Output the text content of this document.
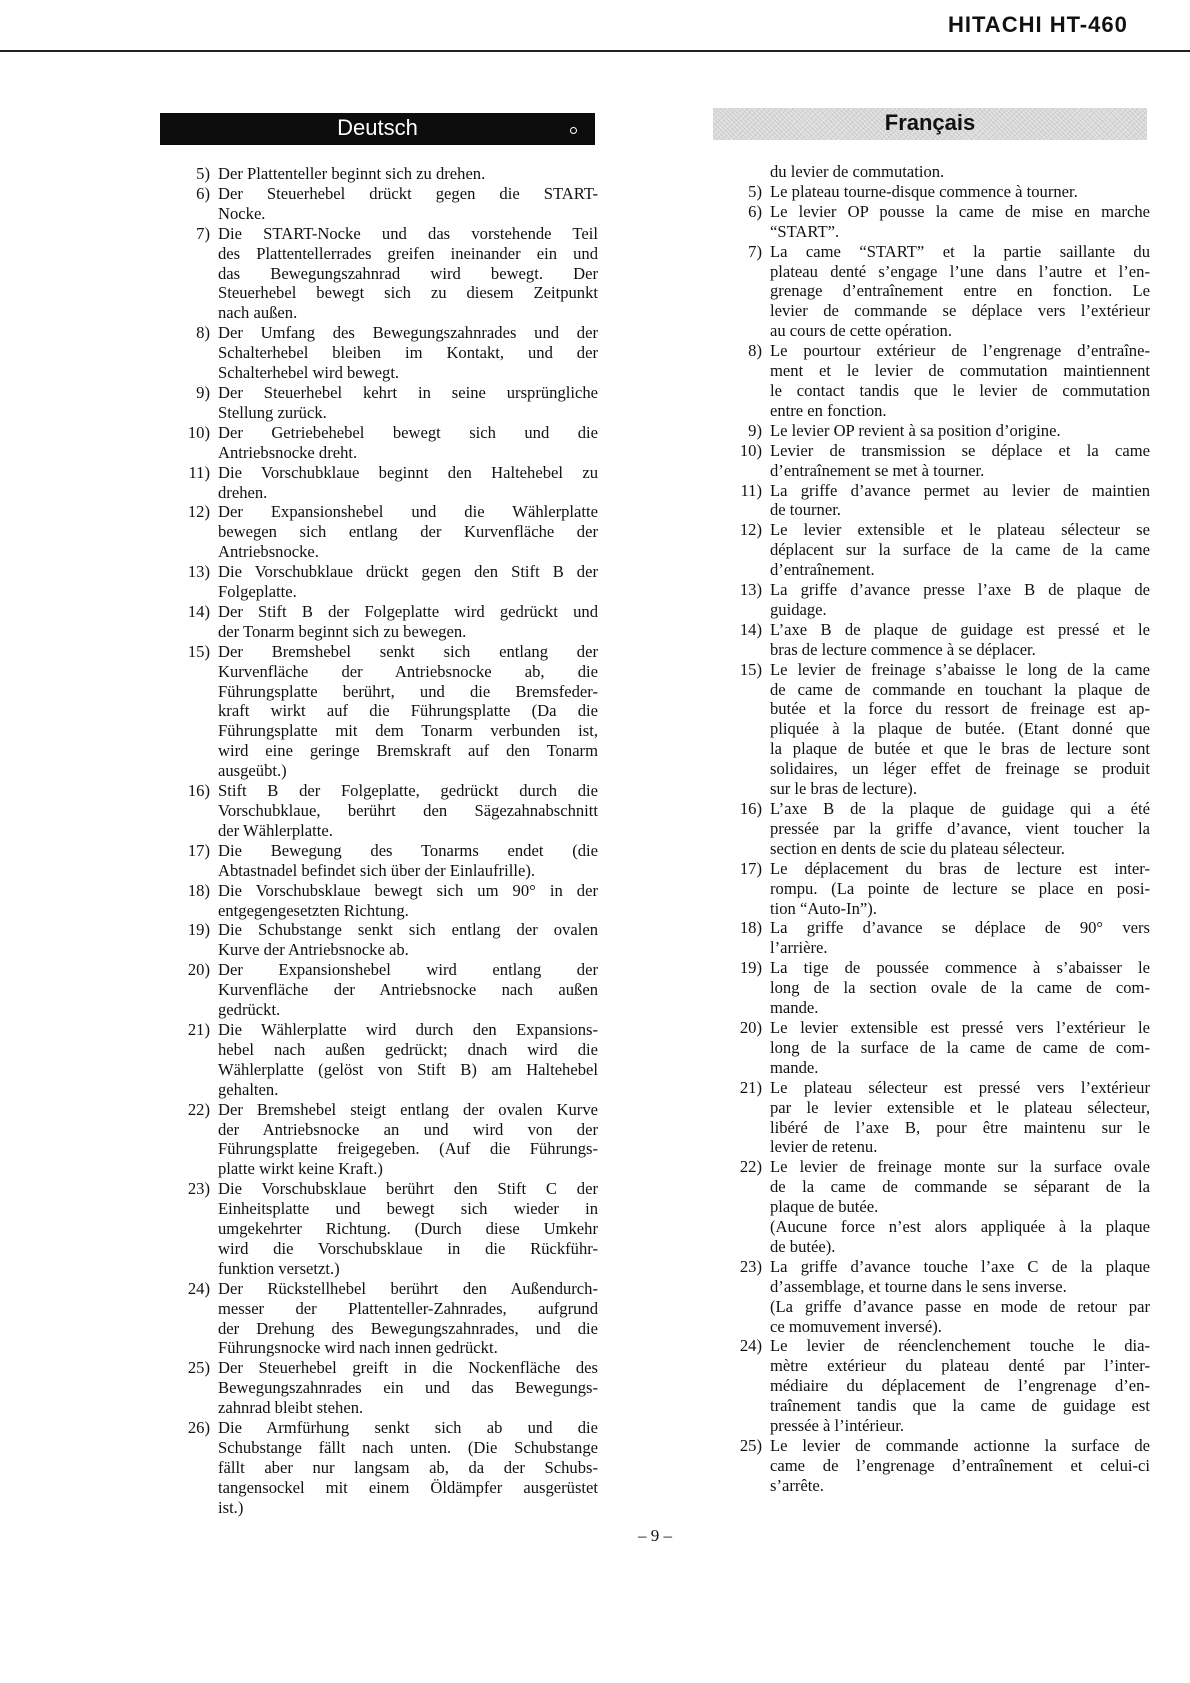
HITACHI HT-460
Deutsch	Français
5) Der Plattenteller beginnt sich zu drehen.
6) Der Steuerhebel drückt gegen die START-
Nocke.
7) Die START-Nocke und das vorstehende Teil
des Plattentellerrades greifen ineinander ein und
das Bewegungszahnrad wird bewegt. Der
Steuerhebel bewegt sich zu diesem Zeitpunkt
nach außen.
8) Der Umfang des Bewegungszahnrades und der
Schalterhebel bleiben im Kontakt, und der
Schalterhebel wird bewegt.
9) Der Steuerhebel kehrt in seine ursprüngliche
Stellung zurück.
10) Der Getriebehebel bewegt sich und die
Antriebsnocke dreht.
11) Die Vorschubklaue beginnt den Haltehebel zu
drehen.
12) Der Expansionshebel und die Wählerplatte
bewegen sich entlang der Kurvenfläche der
Antriebsnocke.
13) Die Vorschubklaue drückt gegen den Stift B der
Folgeplatte.
14) Der Stift B der Folgeplatte wird gedrückt und
der Tonarm beginnt sich zu bewegen.
15) Der Bremshebel senkt sich entlang der
Kurvenfläche der Antriebsnocke ab, die
Führungsplatte berührt, und die Bremsfeder-
kraft wirkt auf die Führungsplatte (Da die
Führungsplatte mit dem Tonarm verbunden ist,
wird eine geringe Bremskraft auf den Tonarm
ausgeübt.)
16) Stift B der Folgeplatte, gedrückt durch die
Vorschubklaue, berührt den Sägezahnabschnitt
der Wählerplatte.
17) Die Bewegung des Tonarms endet (die
Abtastnadel befindet sich über der Einlaufrille).
18) Die Vorschubsklaue bewegt sich um 90° in der
entgegengesetzten Richtung.
19) Die Schubstange senkt sich entlang der ovalen
Kurve der Antriebsnocke ab.
20) Der Expansionshebel wird entlang der
Kurvenfläche der Antriebsnocke nach außen
gedrückt.
21) Die Wählerplatte wird durch den Expansions-
hebel nach außen gedrückt; dnach wird die
Wählerplatte (gelöst von Stift B) am Haltehebel
gehalten.
22) Der Bremshebel steigt entlang der ovalen Kurve
der Antriebsnocke an und wird von der
Führungsplatte freigegeben. (Auf die Führungs-
platte wirkt keine Kraft.)
23) Die Vorschubsklaue berührt den Stift C der
Einheitsplatte und bewegt sich wieder in
umgekehrter Richtung. (Durch diese Umkehr
wird die Vorschubsklaue in die Rückführ-
funktion versetzt.)
24) Der Rückstellhebel berührt den Außendurch-
messer der Plattenteller-Zahnrades, aufgrund
der Drehung des Bewegungszahnrades, und die
Führungsnocke wird nach innen gedrückt.
25) Der Steuerhebel greift in die Nockenfläche des
Bewegungszahnrades ein und das Bewegungs-
zahnrad bleibt stehen.
26) Die Armfürhung senkt sich ab und die
Schubstange fällt nach unten. (Die Schubstange
fällt aber nur langsam ab, da der Schubs-
tangensockel mit einem Öldämpfer ausgerüstet
ist.)
du levier de commutation.
5) Le plateau tourne-disque commence à tourner.
6) Le levier OP pousse la came de mise en marche
“START”.
7) La came “START” et la partie saillante du
plateau denté s’engage l’une dans l’autre et l’en-
grenage d’entraînement entre en fonction. Le
levier de commande se déplace vers l’extérieur
au cours de cette opération.
8) Le pourtour extérieur de l’engrenage d’entraîne-
ment et le levier de commutation maintiennent
le contact tandis que le levier de commutation
entre en fonction.
9) Le levier OP revient à sa position d’origine.
10) Levier de transmission se déplace et la came
d’entraînement se met à tourner.
11) La griffe d’avance permet au levier de maintien
de tourner.
12) Le levier extensible et le plateau sélecteur se
déplacent sur la surface de la came de la came
d’entraînement.
13) La griffe d’avance presse l’axe B de plaque de
guidage.
14) L’axe B de plaque de guidage est pressé et le
bras de lecture commence à se déplacer.
15) Le levier de freinage s’abaisse le long de la came
de came de commande en touchant la plaque de
butée et la force du ressort de freinage est ap-
pliquée à la plaque de butée. (Etant donné que
la plaque de butée et que le bras de lecture sont
solidaires, un léger effet de freinage se produit
sur le bras de lecture).
16) L’axe B de la plaque de guidage qui a été
pressée par la griffe d’avance, vient toucher la
section en dents de scie du plateau sélecteur.
17) Le déplacement du bras de lecture est inter-
rompu. (La pointe de lecture se place en posi-
tion “Auto-In”).
18) La griffe d’avance se déplace de 90° vers
l’arrière.
19) La tige de poussée commence à s’abaisser le
long de la section ovale de la came de com-
mande.
20) Le levier extensible est pressé vers l’extérieur le
long de la surface de la came de came de com-
mande.
21) Le plateau sélecteur est pressé vers l’extérieur
par le levier extensible et le plateau sélecteur,
libéré de l’axe B, pour être maintenu sur le
levier de retenu.
22) Le levier de freinage monte sur la surface ovale
de la came de commande se séparant de la
plaque de butée.
(Aucune force n’est alors appliquée à la plaque
de butée).
23) La griffe d’avance touche l’axe C de la plaque
d’assemblage, et tourne dans le sens inverse.
(La griffe d’avance passe en mode de retour par
ce momuvement inversé).
24) Le levier de réenclenchement touche le dia-
mètre extérieur du plateau denté par l’inter-
médiaire du déplacement de l’engrenage d’en-
traînement tandis que la came de guidage est
pressée à l’intérieur.
25) Le levier de commande actionne la surface de
came de l’engrenage d’entraînement et celui-ci
s’arrête.
– 9 –
